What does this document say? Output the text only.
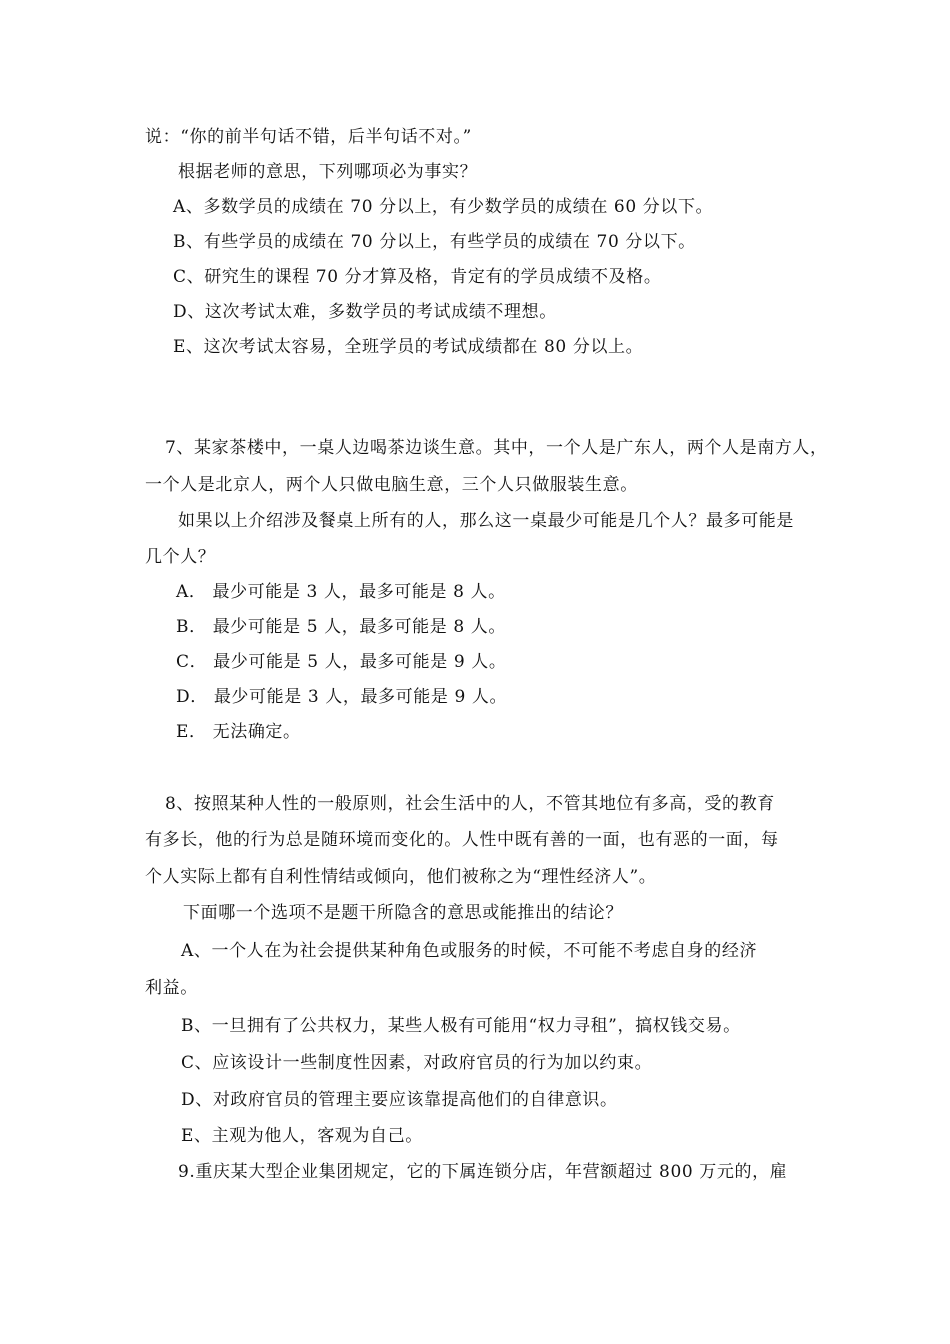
说：“你的前半句话不错，后半句话不对。”
根据老师的意思，下列哪项必为事实？
A、多数学员的成绩在 70 分以上，有少数学员的成绩在 60 分以下。
B、有些学员的成绩在 70 分以上，有些学员的成绩在 70 分以下。
C、研究生的课程 70 分才算及格，肯定有的学员成绩不及格。
D、这次考试太难，多数学员的考试成绩不理想。
E、这次考试太容易，全班学员的考试成绩都在 80 分以上。
7、某家茶楼中，一桌人边喝茶边谈生意。其中，一个人是广东人，两个人是南方人，
一个人是北京人，两个人只做电脑生意，三个人只做服装生意。
如果以上介绍涉及餐桌上所有的人，那么这一桌最少可能是几个人？最多可能是
几个人？
A． 最少可能是 3 人，最多可能是 8 人。
B． 最少可能是 5 人，最多可能是 8 人。
C． 最少可能是 5 人，最多可能是 9 人。
D． 最少可能是 3 人，最多可能是 9 人。
E． 无法确定。
8、按照某种人性的一般原则，社会生活中的人，不管其地位有多高，受的教育
有多长，他的行为总是随环境而变化的。人性中既有善的一面，也有恶的一面，每
个人实际上都有自利性情结或倾向，他们被称之为“理性经济人”。
下面哪一个选项不是题干所隐含的意思或能推出的结论？
A、一个人在为社会提供某种角色或服务的时候，不可能不考虑自身的经济
利益。
B、一旦拥有了公共权力，某些人极有可能用“权力寻租”，搞权钱交易。
C、应该设计一些制度性因素，对政府官员的行为加以约束。
D、对政府官员的管理主要应该靠提高他们的自律意识。
E、主观为他人，客观为自己。
9.重庆某大型企业集团规定，它的下属连锁分店，年营额超过 800 万元的，雇
